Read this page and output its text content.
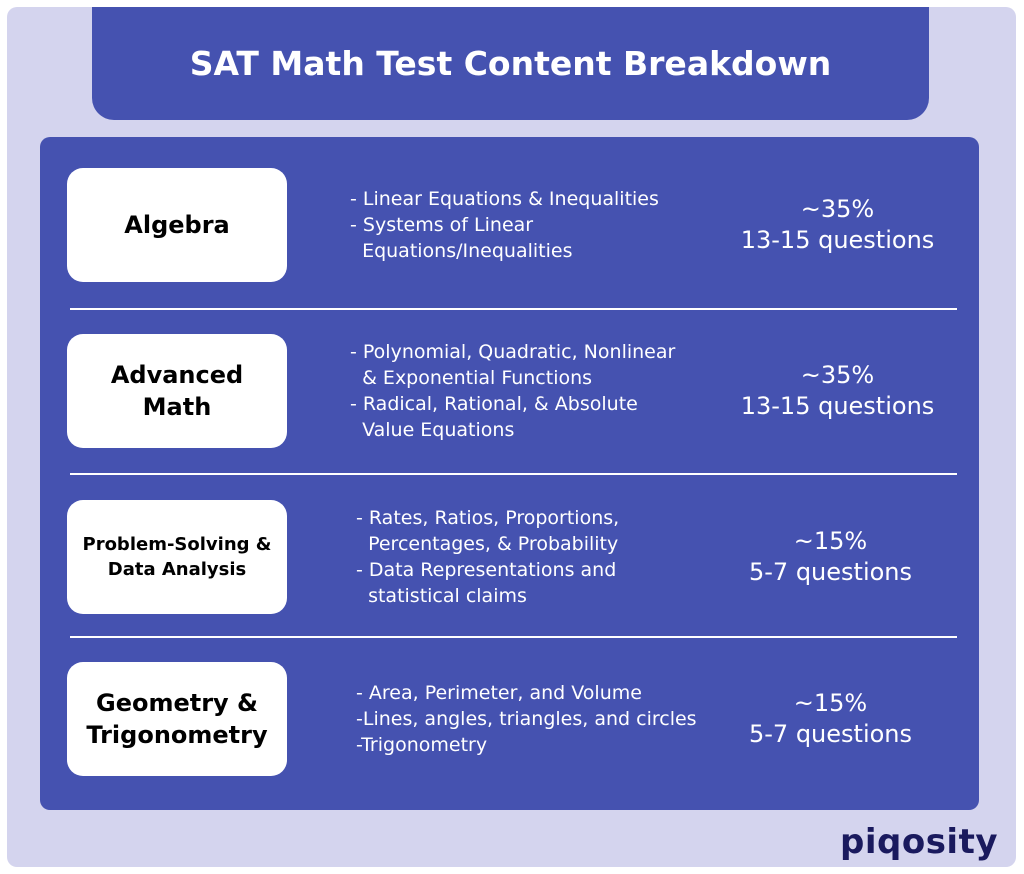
SAT Math Test Content Breakdown
Algebra
- Linear Equations & Inequalities
- Systems of Linear
Equations/Inequalities
~35%
13-15 questions
Advanced Math
- Polynomial, Quadratic, Nonlinear
& Exponential Functions
- Radical, Rational, & Absolute
Value Equations
~35%
13-15 questions
Problem-Solving & Data Analysis
- Rates, Ratios, Proportions,
Percentages, & Probability
- Data Representations and
statistical claims
~15%
5-7 questions
Geometry & Trigonometry
- Area, Perimeter, and Volume
-Lines, angles, triangles, and circles
-Trigonometry
~15%
5-7 questions
piqosity
